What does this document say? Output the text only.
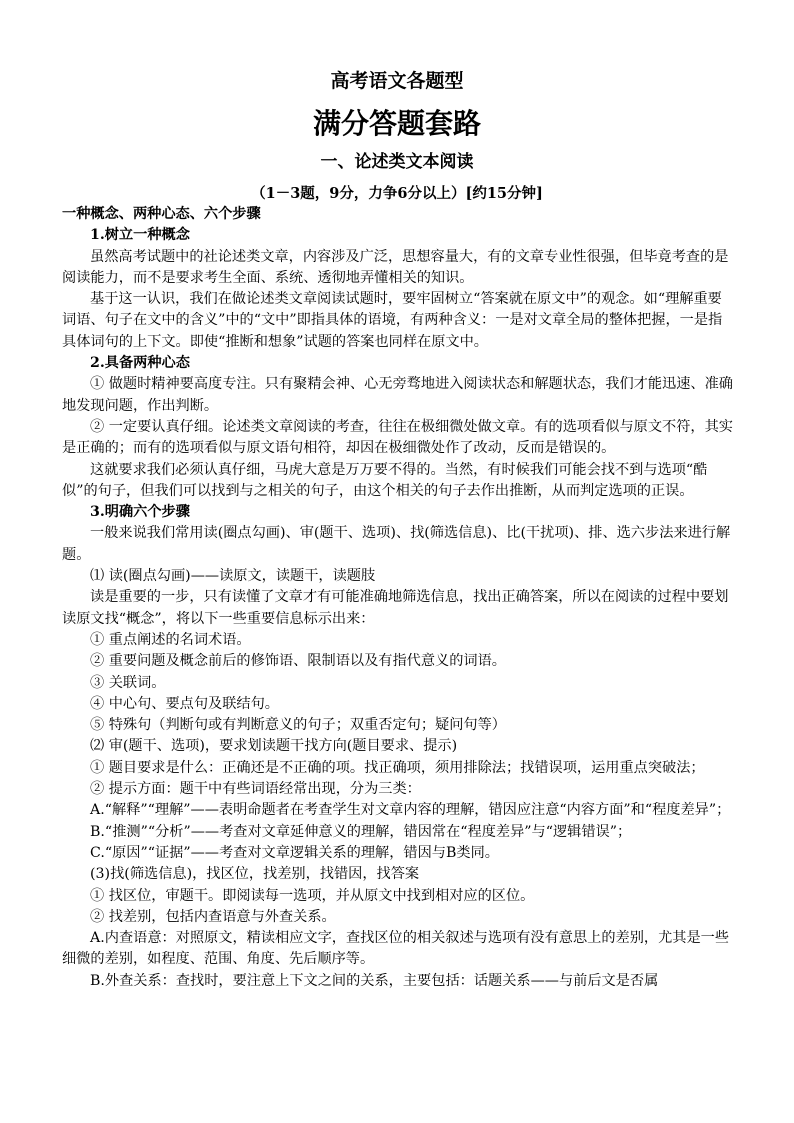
高考语文各题型
满分答题套路
一、论述类文本阅读
（1－3题，9分，力争6分以上）[约15分钟]

一种概念、两种心态、六个步骤

1.树立一种概念

虽然高考试题中的社论述类文章，内容涉及广泛，思想容量大，有的文章专业性很强，但毕竟考查的是阅读能力，而不是要求考生全面、系统、透彻地弄懂相关的知识。

基于这一认识，我们在做论述类文章阅读试题时，要牢固树立“答案就在原文中”的观念。如“理解重要词语、句子在文中的含义”中的“文中”即指具体的语境，有两种含义：一是对文章全局的整体把握，一是指具体词句的上下文。即使“推断和想象”试题的答案也同样在原文中。

2.具备两种心态

① 做题时精神要高度专注。只有聚精会神、心无旁骛地进入阅读状态和解题状态，我们才能迅速、准确地发现问题，作出判断。

② 一定要认真仔细。论述类文章阅读的考查，往往在极细微处做文章。有的选项看似与原文不符，其实是正确的；而有的选项看似与原文语句相符，却因在极细微处作了改动，反而是错误的。

这就要求我们必须认真仔细，马虎大意是万万要不得的。当然，有时候我们可能会找不到与选项“酷似”的句子，但我们可以找到与之相关的句子，由这个相关的句子去作出推断，从而判定选项的正误。

3.明确六个步骤

一般来说我们常用读(圈点勾画)、审(题干、选项)、找(筛选信息)、比(干扰项)、排、选六步法来进行解题。

⑴ 读(圈点勾画)——读原文，读题干，读题肢

读是重要的一步，只有读懂了文章才有可能准确地筛选信息，找出正确答案，所以在阅读的过程中要划读原文找“概念”，将以下一些重要信息标示出来：

① 重点阐述的名词术语。

② 重要问题及概念前后的修饰语、限制语以及有指代意义的词语。

③ 关联词。

④ 中心句、要点句及联结句。

⑤ 特殊句（判断句或有判断意义的句子；双重否定句；疑问句等）

⑵ 审(题干、选项)，要求划读题干找方向(题目要求、提示)

① 题目要求是什么：正确还是不正确的项。找正确项，须用排除法；找错误项，运用重点突破法；

② 提示方面：题干中有些词语经常出现，分为三类：

A.“解释”“理解”——表明命题者在考查学生对文章内容的理解，错因应注意“内容方面”和“程度差异”；

B.“推测”“分析”——考查对文章延伸意义的理解，错因常在“程度差异”与“逻辑错误”；

C.“原因”“证据”——考查对文章逻辑关系的理解，错因与B类同。

(3)找(筛选信息)，找区位，找差别，找错因，找答案

① 找区位，审题干。即阅读每一选项，并从原文中找到相对应的区位。

② 找差别，包括内查语意与外查关系。

A.内查语意：对照原文，精读相应文字，查找区位的相关叙述与选项有没有意思上的差别，尤其是一些细微的差别，如程度、范围、角度、先后顺序等。

B.外查关系：查找时，要注意上下文之间的关系，主要包括：话题关系——与前后文是否属
